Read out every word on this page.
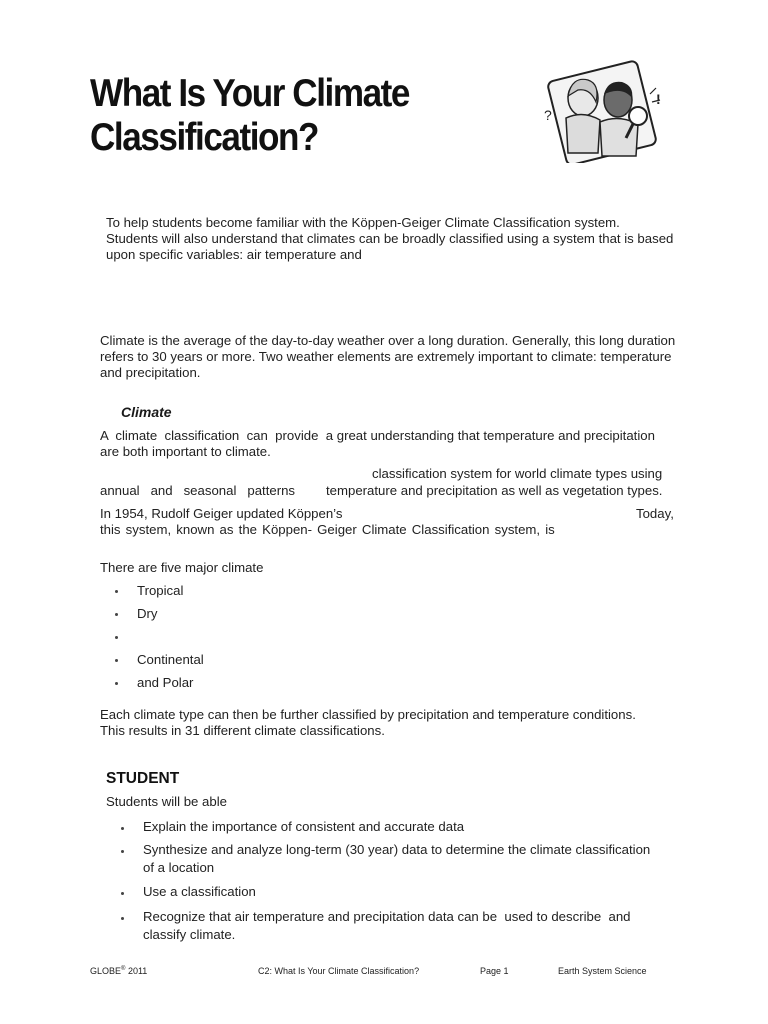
What Is Your Climate
Classification?
?
!
To help students become familiar with the Köppen-Geiger Climate Classification system.
Students will also understand that climates can be broadly classified using a system that is based
upon specific variables: air temperature and
Climate is the average of the day-to-day weather over a long duration. Generally, this long duration
refers to 30 years or more. Two weather elements are extremely important to climate: temperature
and precipitation.
Climate
A  climate  classification  can  provide  a great understanding that temperature and precipitation
are both important to climate.
classification system for world climate types using
annual   and   seasonal   patterns temperature and precipitation as well as vegetation types.
In 1954, Rudolf Geiger updated Köppen’s	Today,
this system, known as the Köppen- Geiger Climate Classification system, is
There are five major climate
Tropical
Dry
Continental
and Polar
Each climate type can then be further classified by precipitation and temperature conditions.
This results in 31 different climate classifications.
STUDENT
Students will be able
Explain the importance of consistent and accurate data
Synthesize and analyze long-term (30 year) data to determine the climate classification
of a location
Use a classification
Recognize that air temperature and precipitation data can be  used to describe  and
classify climate.
GLOBE® 2011	C2: What Is Your Climate Classification?	Page 1	Earth System Science
